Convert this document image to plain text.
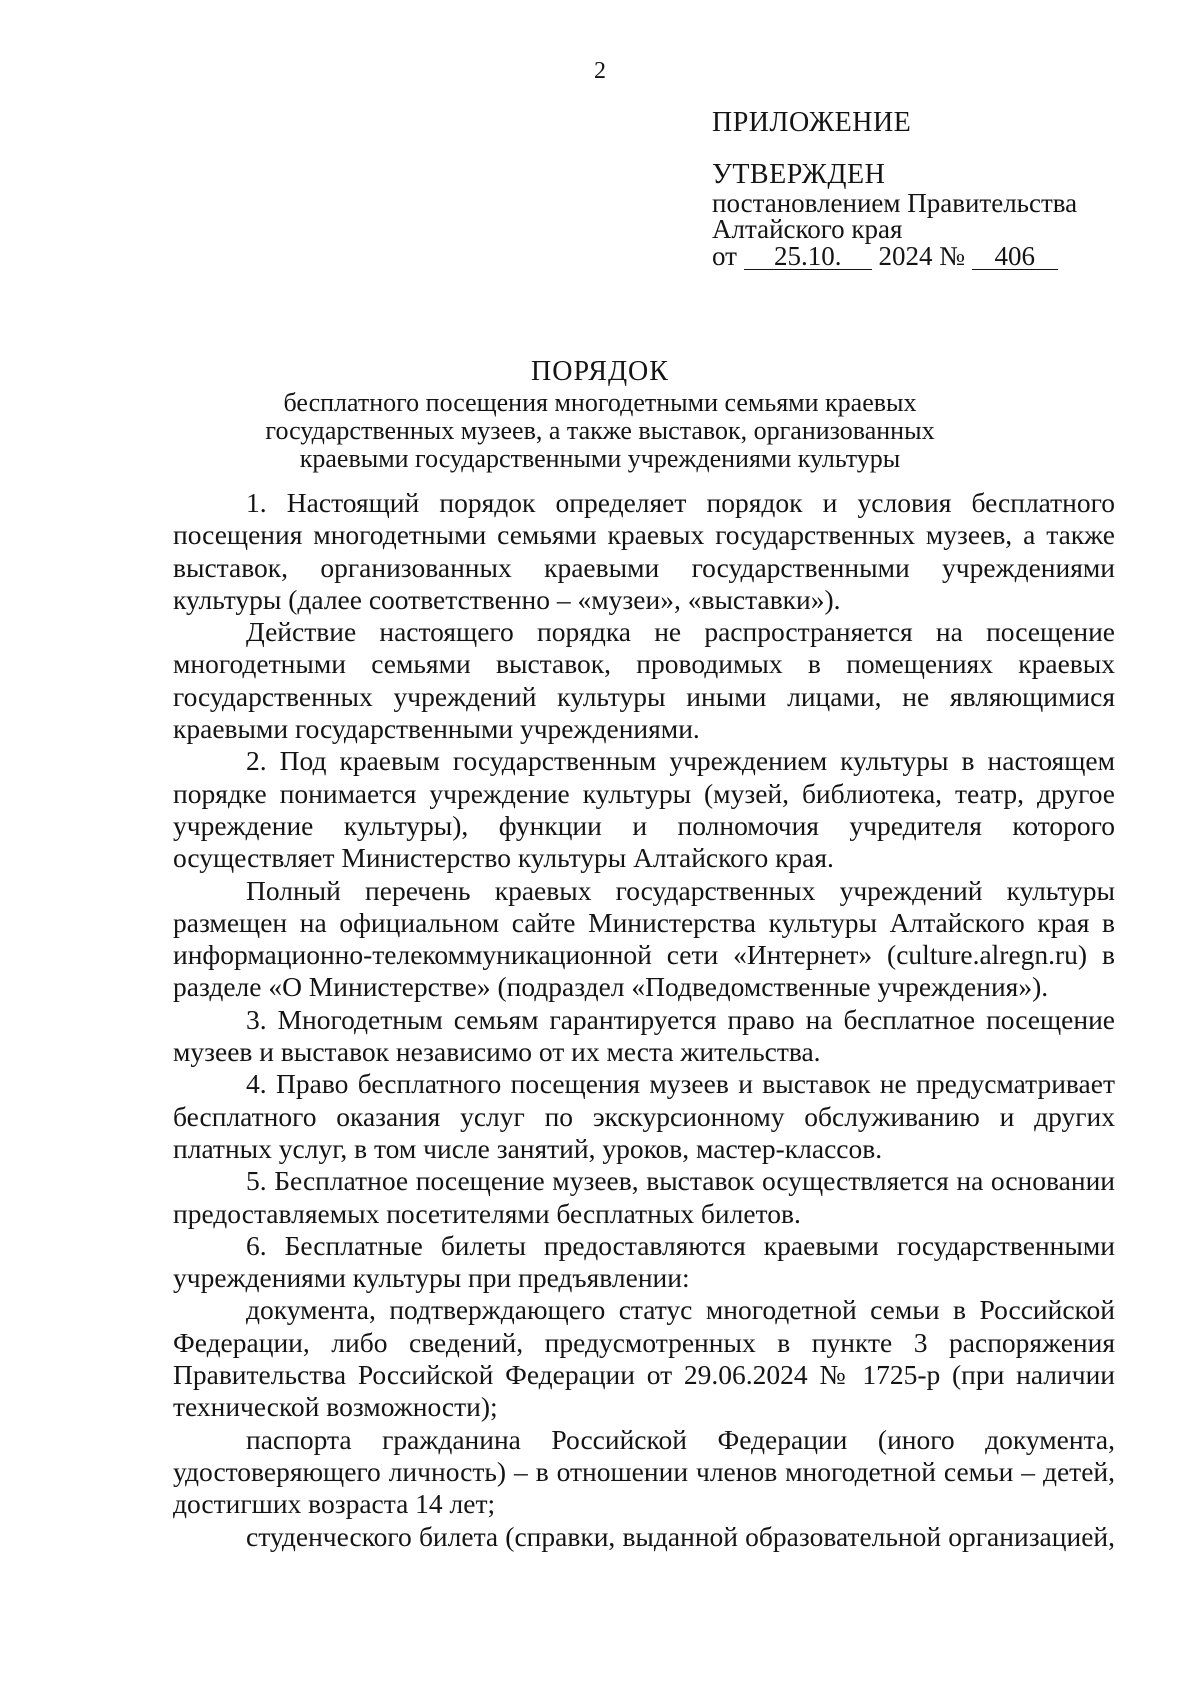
2
ПРИЛОЖЕНИЕ
УТВЕРЖДЕН
постановлением Правительства
Алтайского края
от 25.10. 2024 № 406
ПОРЯДОК
бесплатного посещения многодетными семьями краевых
государственных музеев, а также выставок, организованных
краевыми государственными учреждениями культуры

1. Настоящий порядок определяет порядок и условия бесплатного посещения многодетными семьями краевых государственных музеев, а также выставок, организованных краевыми государственными учреждениями культуры (далее соответственно – «музеи», «выставки»).

Действие настоящего порядка не распространяется на посещение многодетными семьями выставок, проводимых в помещениях краевых государственных учреждений культуры иными лицами, не являющимися краевыми государственными учреждениями.

2. Под краевым государственным учреждением культуры в настоящем порядке понимается учреждение культуры (музей, библиотека, театр, другое учреждение культуры), функции и полномочия учредителя которого осуществляет Министерство культуры Алтайского края.

Полный перечень краевых государственных учреждений культуры размещен на официальном сайте Министерства культуры Алтайского края в информационно-телекоммуникационной сети «Интернет» (culture.alregn.ru) в разделе «О Министерстве» (подраздел «Подведомственные учреждения»).

3. Многодетным семьям гарантируется право на бесплатное посещение музеев и выставок независимо от их места жительства.

4. Право бесплатного посещения музеев и выставок не предусматривает бесплатного оказания услуг по экскурсионному обслуживанию и других платных услуг, в том числе занятий, уроков, мастер-классов.

5. Бесплатное посещение музеев, выставок осуществляется на основании предоставляемых посетителями бесплатных билетов.

6. Бесплатные билеты предоставляются краевыми государственными учреждениями культуры при предъявлении:

документа, подтверждающего статус многодетной семьи в Российской Федерации, либо сведений, предусмотренных в пункте 3 распоряжения Правительства Российской Федерации от 29.06.2024 № 1725-р (при наличии технической возможности);

паспорта гражданина Российской Федерации (иного документа, удостоверяющего личность) – в отношении членов многодетной семьи – детей, достигших возраста 14 лет;

студенческого билета (справки, выданной образовательной организацией,
